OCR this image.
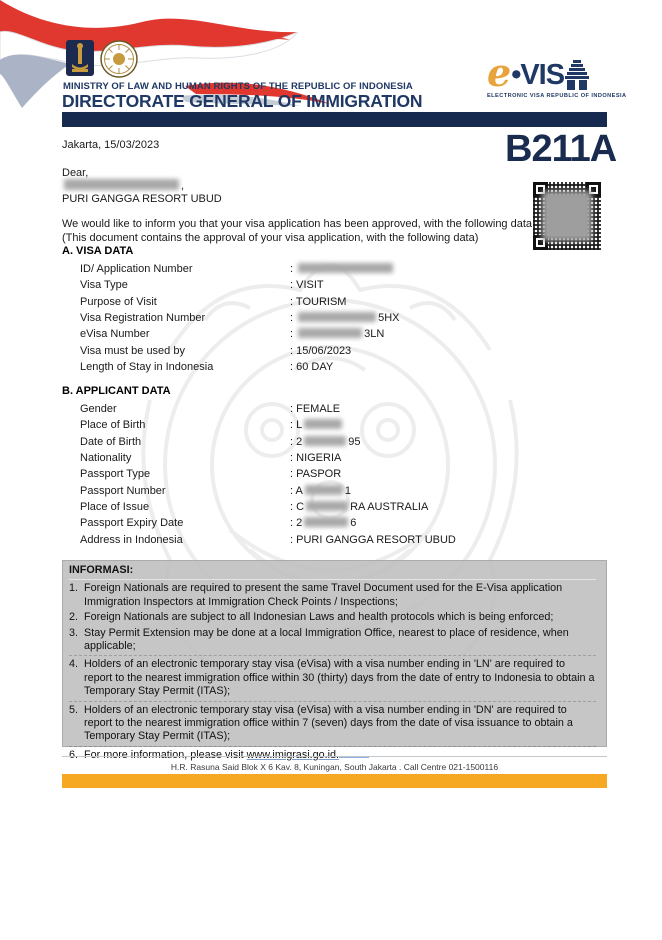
MINISTRY OF LAW AND HUMAN RIGHTS OF THE REPUBLIC OF INDONESIA
DIRECTORATE GENERAL OF IMMIGRATION
e •VIS
ELECTRONIC VISA REPUBLIC OF INDONESIA
B211A
Jakarta, 15/03/2023
Dear,
,
PURI GANGGA RESORT UBUD
We would like to inform you that your visa application has been approved, with the following data
(This document contains the approval of your visa application, with the following data)
A. VISA DATA
ID/ Application Number	:
Visa Type	: VISIT
Purpose of Visit	: TOURISM
Visa Registration Number	:	5HX
eVisa Number	:	3LN
Visa must be used by	: 15/06/2023
Length of Stay in Indonesia	: 60 DAY
B. APPLICANT DATA
Gender	: FEMALE
Place of Birth	: L
Date of Birth	: 2	95
Nationality	: NIGERIA
Passport Type	: PASPOR
Passport Number	: A	1
Place of Issue	: C	RA AUSTRALIA
Passport Expiry Date	: 2	6
Address in Indonesia	: PURI GANGGA RESORT UBUD
INFORMASI:
1. Foreign Nationals are required to present the same Travel Document used for the E-Visa application Immigration Inspectors at Immigration Check Points / Inspections;
2. Foreign Nationals are subject to all Indonesian Laws and health protocols which is being enforced;
3. Stay Permit Extension may be done at a local Immigration Office, nearest to place of residence, when applicable;
4. Holders of an electronic temporary stay visa (eVisa) with a visa number ending in 'LN' are required to report to the nearest immigration office within 30 (thirty) days from the date of entry to Indonesia to obtain a Temporary Stay Permit (ITAS);
5. Holders of an electronic temporary stay visa (eVisa) with a visa number ending in 'DN' are required to report to the nearest immigration office within 7 (seven) days from the date of visa issuance to obtain a Temporary Stay Permit (ITAS);
6. For more information, please visit www.imigrasi.go.id.
H.R. Rasuna Said Blok X 6 Kav. 8, Kuningan, South Jakarta . Call Centre 021-1500116
